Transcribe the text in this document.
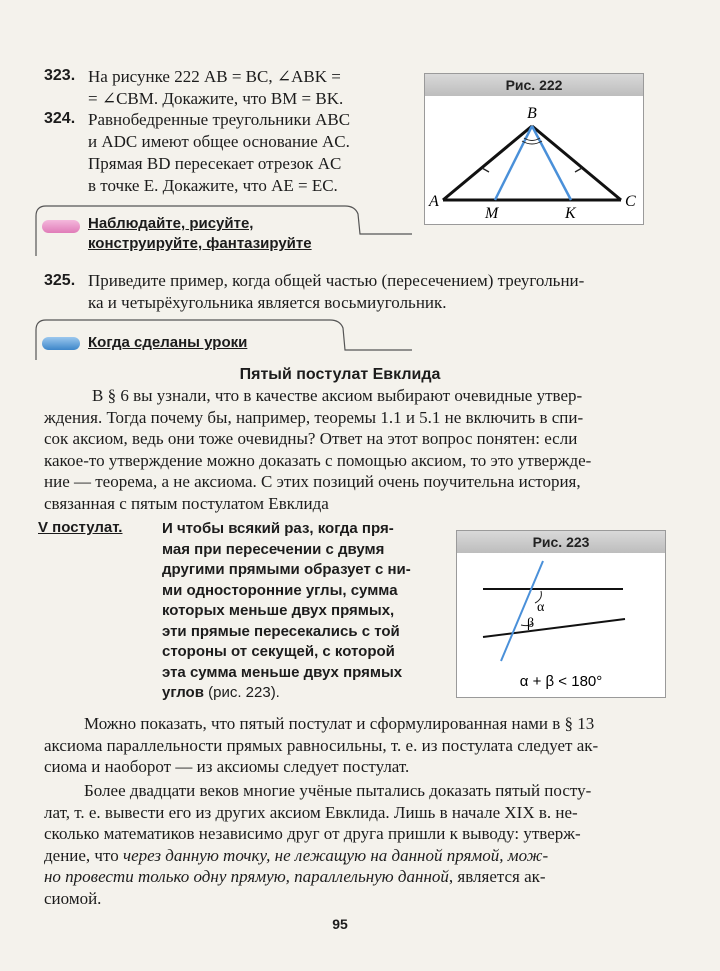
323. На рисунке 222 AB = BC, ∠ABK =
= ∠CBM. Докажите, что BM = BK.
324. Равнобедренные треугольники ABC
и ADC имеют общее основание AC.
Прямая BD пересекает отрезок AC
в точке E. Докажите, что AE = EC.
Рис. 222
B
A	C
M	K
Наблюдайте, рисуйте,
конструируйте, фантазируйте
325. Приведите пример, когда общей частью (пересечением) треугольни-
ка и четырёхугольника является восьмиугольник.
Когда сделаны уроки
Пятый постулат Евклида
В § 6 вы узнали, что в качестве аксиом выбирают очевидные утвер-
ждения. Тогда почему бы, например, теоремы 1.1 и 5.1 не включить в спи-
сок аксиом, ведь они тоже очевидны? Ответ на этот вопрос понятен: если
какое-то утверждение можно доказать с помощью аксиом, то это утвержде-
ние — теорема, а не аксиома. С этих позиций очень поучительна история,
связанная с пятым постулатом Евклида
V постулат.	И чтобы всякий раз, когда пря-
мая при пересечении с двумя
другими прямыми образует с ни-
ми односторонние углы, сумма
которых меньше двух прямых,
эти прямые пересекались с той
стороны от секущей, с которой
эта сумма меньше двух прямых
углов (рис. 223).
Рис. 223
α
β
α + β < 180°
Можно показать, что пятый постулат и сформулированная нами в § 13
аксиома параллельности прямых равносильны, т. е. из постулата следует ак-
сиома и наоборот — из аксиомы следует постулат.
Более двадцати веков многие учёные пытались доказать пятый посту-
лат, т. е. вывести его из других аксиом Евклида. Лишь в начале XIX в. не-
сколько математиков независимо друг от друга пришли к выводу: утверж-
дение, что через данную точку, не лежащую на данной прямой, мож-
но провести только одну прямую, параллельную данной, является ак-
сиомой.
95
